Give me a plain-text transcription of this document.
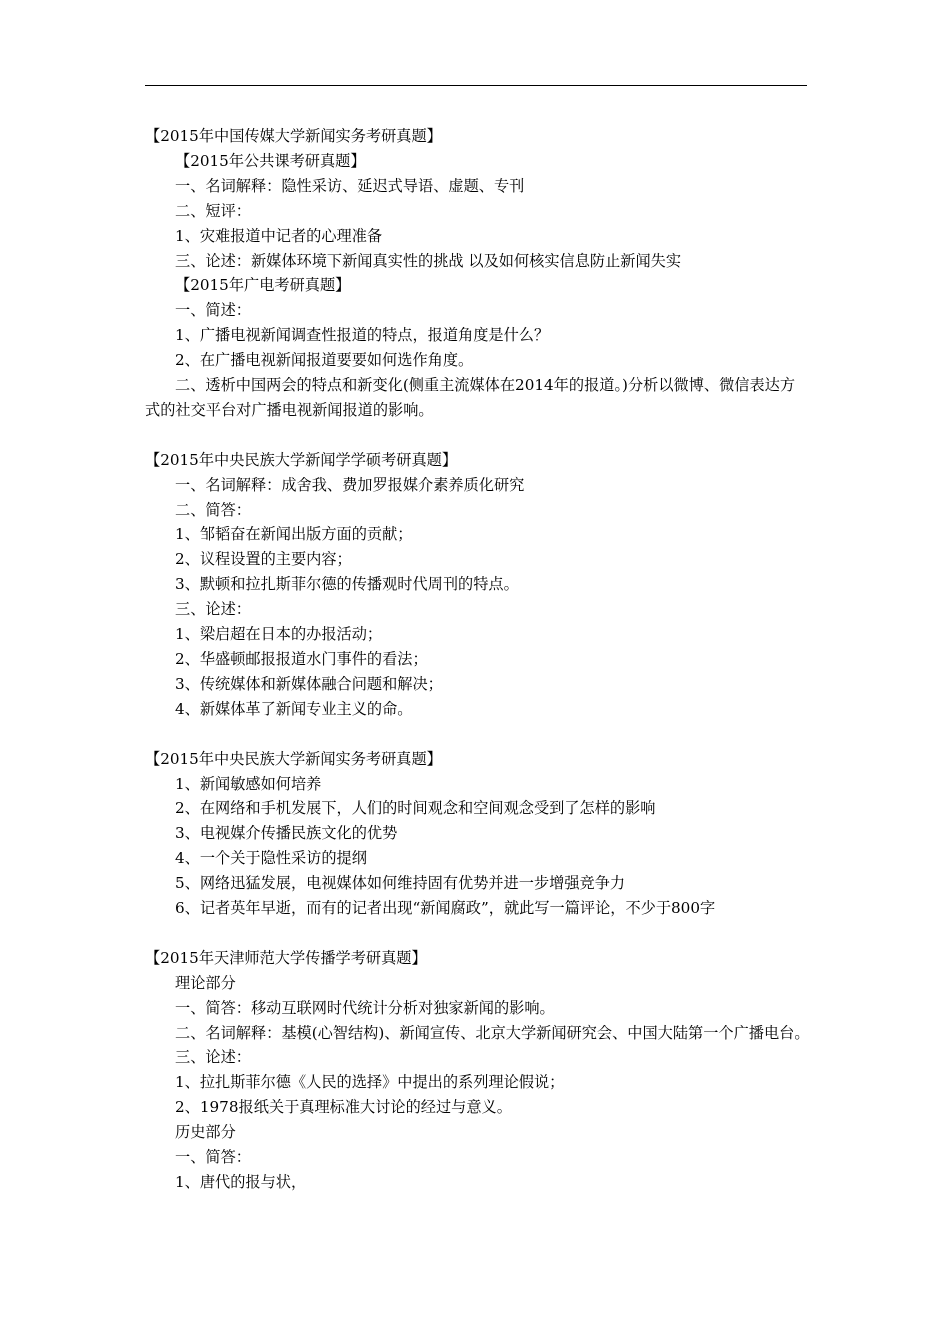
【2015年中国传媒大学新闻实务考研真题】
【2015年公共课考研真题】
一、名词解释：隐性采访、延迟式导语、虚题、专刊
二、短评：
1、灾难报道中记者的心理准备
三、论述：新媒体环境下新闻真实性的挑战 以及如何核实信息防止新闻失实
【2015年广电考研真题】
一、简述：
1、广播电视新闻调查性报道的特点，报道角度是什么？
2、在广播电视新闻报道要要如何选作角度。
二、透析中国两会的特点和新变化(侧重主流媒体在2014年的报道。)分析以微博、微信表达方式的社交平台对广播电视新闻报道的影响。
【2015年中央民族大学新闻学学硕考研真题】
一、名词解释：成舍我、费加罗报媒介素养质化研究
二、简答：
1、邹韬奋在新闻出版方面的贡献；
2、议程设置的主要内容；
3、默顿和拉扎斯菲尔德的传播观时代周刊的特点。
三、论述：
1、梁启超在日本的办报活动；
2、华盛顿邮报报道水门事件的看法；
3、传统媒体和新媒体融合问题和解决；
4、新媒体革了新闻专业主义的命。
【2015年中央民族大学新闻实务考研真题】
1、新闻敏感如何培养
2、在网络和手机发展下，人们的时间观念和空间观念受到了怎样的影响
3、电视媒介传播民族文化的优势
4、一个关于隐性采访的提纲
5、网络迅猛发展，电视媒体如何维持固有优势并进一步增强竞争力
6、记者英年早逝，而有的记者出现“新闻腐政”，就此写一篇评论，不少于800字
【2015年天津师范大学传播学考研真题】
理论部分
一、简答：移动互联网时代统计分析对独家新闻的影响。
二、名词解释：基模(心智结构)、新闻宣传、北京大学新闻研究会、中国大陆第一个广播电台。
三、论述：
1、拉扎斯菲尔德《人民的选择》中提出的系列理论假说；
2、1978报纸关于真理标准大讨论的经过与意义。
历史部分
一、简答：
1、唐代的报与状，
